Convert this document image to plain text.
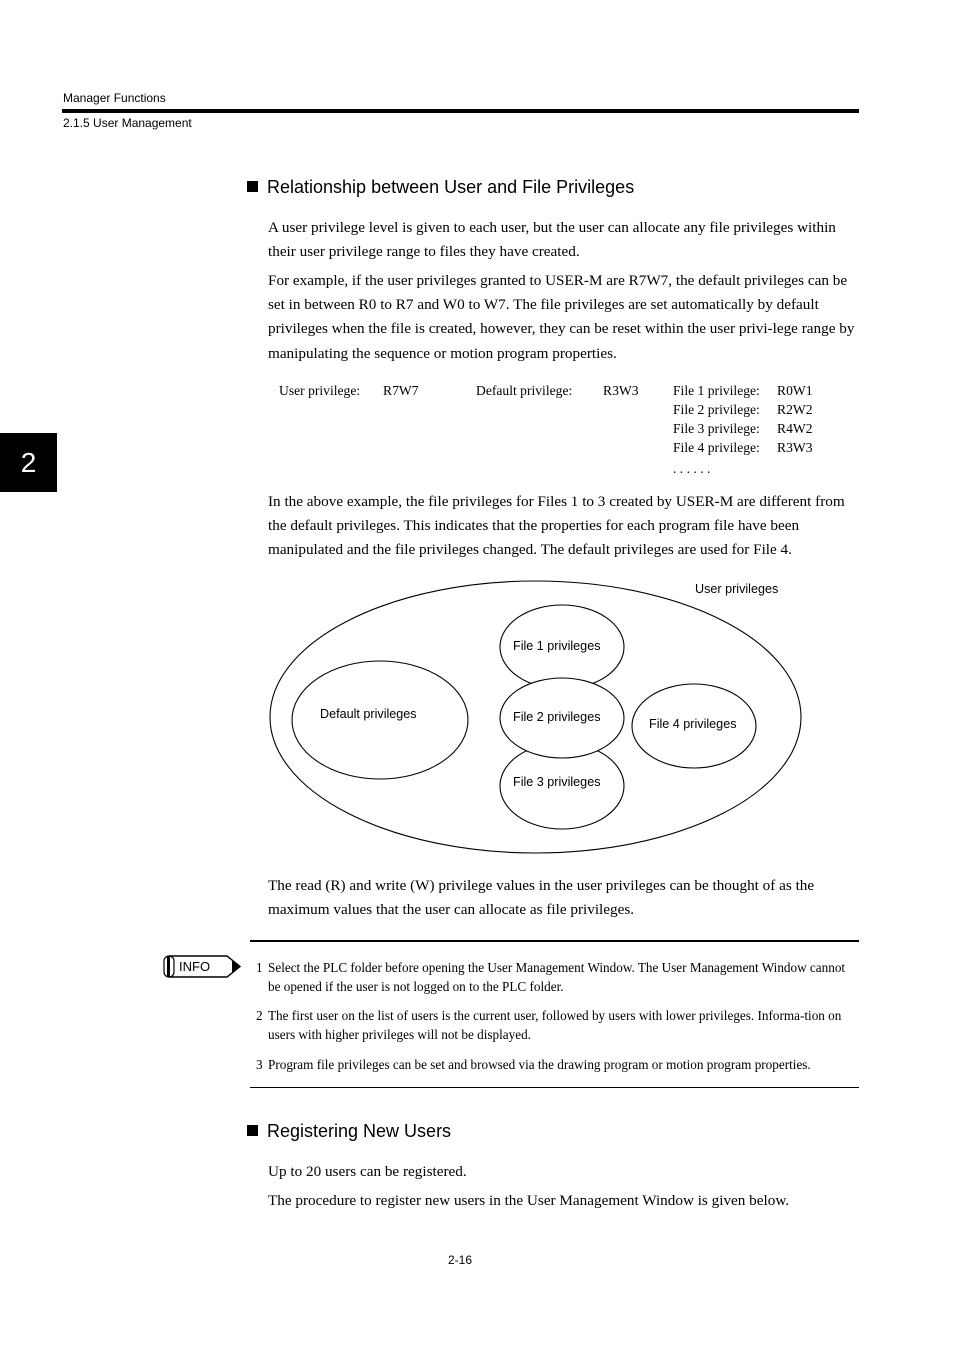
Manager Functions
2.1.5 User Management
2
Relationship between User and File Privileges
A user privilege level is given to each user, but the user can allocate any file privileges within their user privilege range to files they have created.
For example, if the user privileges granted to USER-M are R7W7, the default privileges can be set in between R0 to R7 and W0 to W7. The file privileges are set automatically by default privileges when the file is created, however, they can be reset within the user privi-lege range by manipulating the sequence or motion program properties.
User privilege: R7W7	Default privilege: R3W3	File 1 privilege: R0W1
File 2 privilege: R2W2
File 3 privilege: R4W2
File 4 privilege: R3W3
. . . . . .
In the above example, the file privileges for Files 1 to 3 created by USER-M are different from the default privileges. This indicates that the properties for each program file have been manipulated and the file privileges changed. The default privileges are used for File 4.
User privileges
Default privileges
File 1 privileges
File 3 privileges
File 2 privileges	File 4 privileges
The read (R) and write (W) privilege values in the user privileges can be thought of as the maximum values that the user can allocate as file privileges.
INFO	1 Select the PLC folder before opening the User Management Window. The User Management Window cannot be opened if the user is not logged on to the PLC folder.
2 The first user on the list of users is the current user, followed by users with lower privileges. Informa-tion on users with higher privileges will not be displayed.
3 Program file privileges can be set and browsed via the drawing program or motion program properties.
Registering New Users
Up to 20 users can be registered.
The procedure to register new users in the User Management Window is given below.
2-16
